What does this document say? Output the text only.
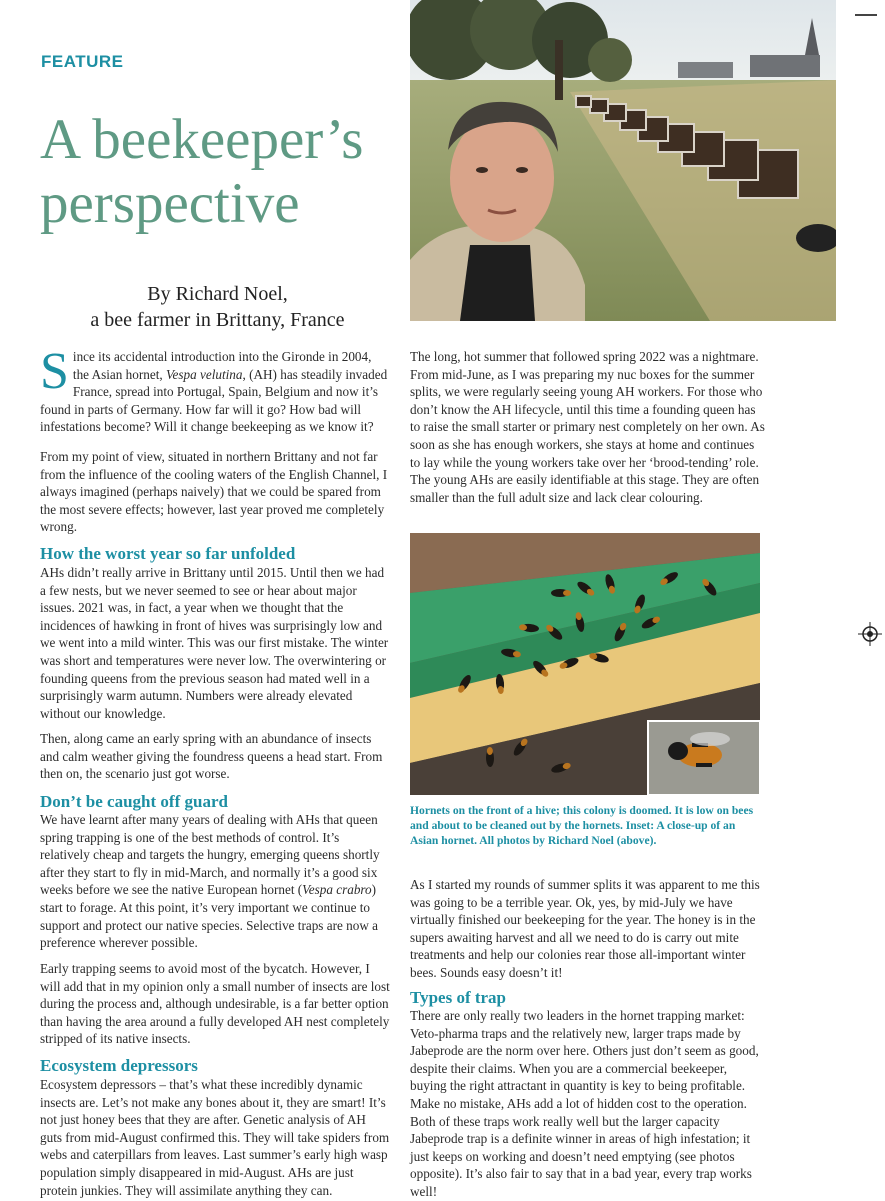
FEATURE
A beekeeper’s perspective
By Richard Noel,
a bee farmer in Brittany, France

Since its accidental introduction into the Gironde in 2004, the Asian hornet, Vespa velutina, (AH) has steadily invaded France, spread into Portugal, Spain, Belgium and now it’s found in parts of Germany. How far will it go? How bad will infestations become? Will it change beekeeping as we know it?

From my point of view, situated in northern Brittany and not far from the influence of the cooling waters of the English Channel, I always imagined (perhaps naively) that we could be spared from the most severe effects; however, last year proved me completely wrong.

How the worst year so far unfolded

AHs didn’t really arrive in Brittany until 2015. Until then we had a few nests, but we never seemed to see or hear about major issues. 2021 was, in fact, a year when we thought that the incidences of hawking in front of hives was surprisingly low and we went into a mild winter. This was our first mistake. The winter was short and temperatures were never low. The overwintering or founding queens from the previous season had mated well in a surprisingly warm autumn. Numbers were already elevated without our knowledge.

Then, along came an early spring with an abundance of insects and calm weather giving the foundress queens a head start. From then on, the scenario just got worse.

Don’t be caught off guard

We have learnt after many years of dealing with AHs that queen spring trapping is one of the best methods of control. It’s relatively cheap and targets the hungry, emerging queens shortly after they start to fly in mid-March, and normally it’s a good six weeks before we see the native European hornet (Vespa crabro) start to forage. At this point, it’s very important we continue to support and protect our native species. Selective traps are now a preference wherever possible.

Early trapping seems to avoid most of the bycatch. However, I will add that in my opinion only a small number of insects are lost during the process and, although undesirable, is a far better option than having the area around a fully developed AH nest completely stripped of its native insects.

Ecosystem depressors

Ecosystem depressors – that’s what these incredibly dynamic insects are. Let’s not make any bones about it, they are smart! It’s not just honey bees that they are after. Genetic analysis of AH guts from mid-August confirmed this. They will take spiders from webs and caterpillars from leaves. Last summer’s early high wasp population simply disappeared in mid-August. AHs are just protein junkies. They will assimilate anything they can.

The long, hot summer that followed spring 2022 was a nightmare. From mid-June, as I was preparing my nuc boxes for the summer splits, we were regularly seeing young AH workers. For those who don’t know the AH lifecycle, until this time a founding queen has to raise the small starter or primary nest completely on her own. As soon as she has enough workers, she stays at home and continues to lay while the young workers take over her ‘brood-tending’ role. The young AHs are easily identifiable at this stage. They are often smaller than the full adult size and lack clear colouring.

Hornets on the front of a hive; this colony is doomed. It is low on bees and about to be cleaned out by the hornets. Inset: A close-up of an Asian hornet. All photos by Richard Noel (above).

As I started my rounds of summer splits it was apparent to me this was going to be a terrible year. Ok, yes, by mid-July we have virtually finished our beekeeping for the year. The honey is in the supers awaiting harvest and all we need to do is carry out mite treatments and help our colonies rear those all-important winter bees. Sounds easy doesn’t it!

Types of trap

There are only really two leaders in the hornet trapping market: Veto-pharma traps and the relatively new, larger traps made by Jabeprode are the norm over here. Others just don’t seem as good, despite their claims. When you are a commercial beekeeper, buying the right attractant in quantity is key to being profitable. Make no mistake, AHs add a lot of hidden cost to the operation. Both of these traps work really well but the larger capacity Jabeprode trap is a definite winner in areas of high infestation; it just keeps on working and doesn’t need emptying (see photos opposite). It’s also fair to say that in a bad year, every trap works well!
